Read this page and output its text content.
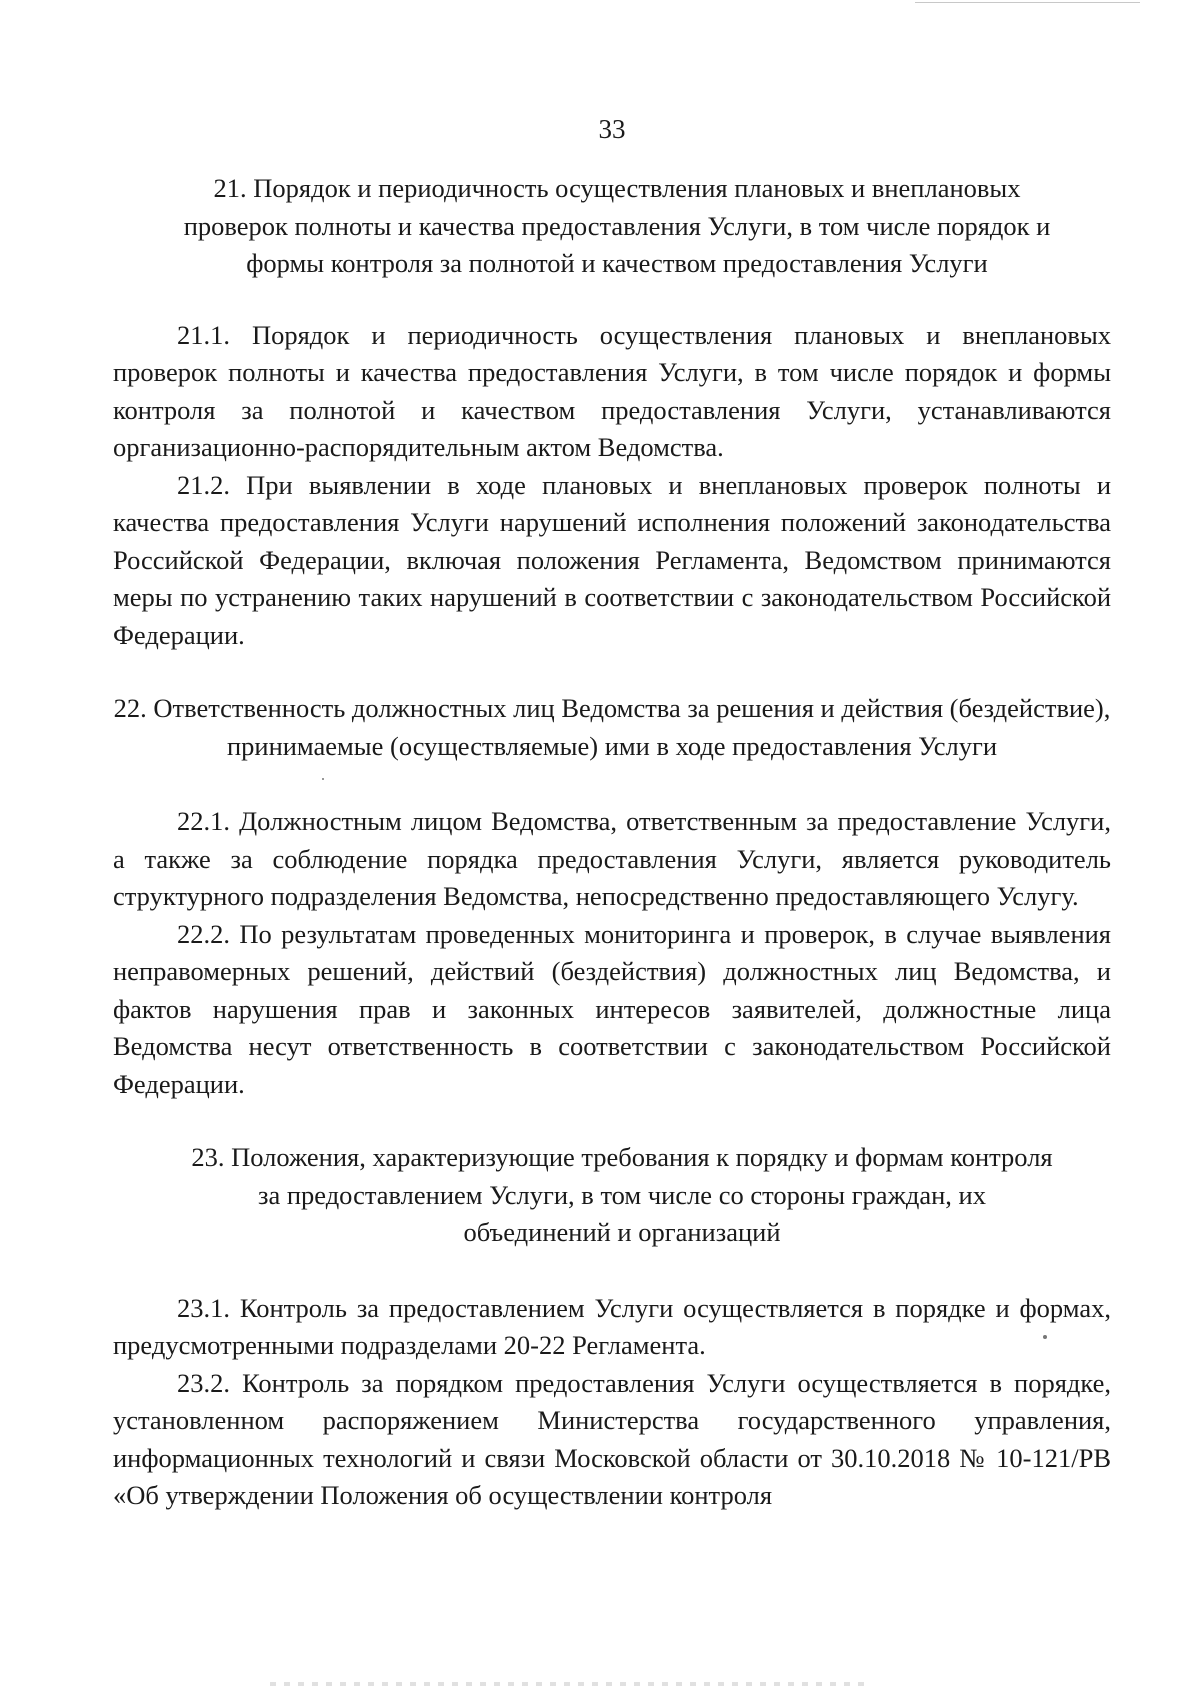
33

21. Порядок и периодичность осуществления плановых и внеплановых проверок полноты и качества предоставления Услуги, в том числе порядок и формы контроля за полнотой и качеством предоставления Услуги

21.1. Порядок и периодичность осуществления плановых и внеплановых проверок полноты и качества предоставления Услуги, в том числе порядок и формы контроля за полнотой и качеством предоставления Услуги, устанавливаются организационно-распорядительным актом Ведомства.

21.2. При выявлении в ходе плановых и внеплановых проверок полноты и качества предоставления Услуги нарушений исполнения положений законодательства Российской Федерации, включая положения Регламента, Ведомством принимаются меры по устранению таких нарушений в соответствии с законодательством Российской Федерации.

22. Ответственность должностных лиц Ведомства за решения и действия (бездействие), принимаемые (осуществляемые) ими в ходе предоставления Услуги

22.1. Должностным лицом Ведомства, ответственным за предоставление Услуги, а также за соблюдение порядка предоставления Услуги, является руководитель структурного подразделения Ведомства, непосредственно предоставляющего Услугу.

22.2. По результатам проведенных мониторинга и проверок, в случае выявления неправомерных решений, действий (бездействия) должностных лиц Ведомства, и фактов нарушения прав и законных интересов заявителей, должностные лица Ведомства несут ответственность в соответствии с законодательством Российской Федерации.

23. Положения, характеризующие требования к порядку и формам контроля за предоставлением Услуги, в том числе со стороны граждан, их объединений и организаций

23.1. Контроль за предоставлением Услуги осуществляется в порядке и формах, предусмотренными подразделами 20-22 Регламента.

23.2. Контроль за порядком предоставления Услуги осуществляется в порядке, установленном распоряжением Министерства государственного управления, информационных технологий и связи Московской области от 30.10.2018 № 10-121/РВ «Об утверждении Положения об осуществлении контроля
